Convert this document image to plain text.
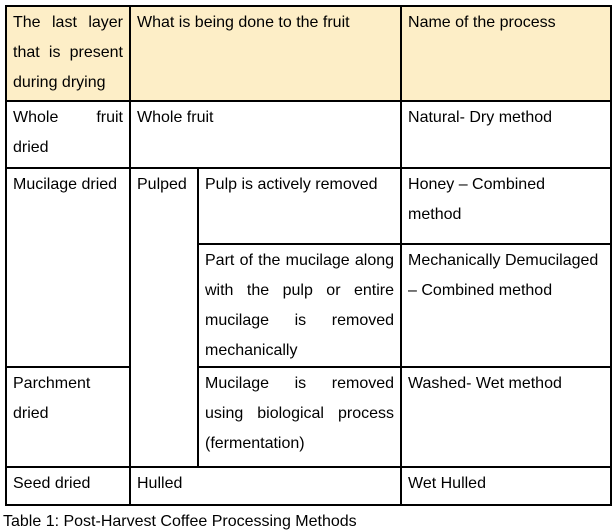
The last layer that is present during drying	What is being done to the fruit		Name of the process
Whole fruit dried	Whole fruit		Natural- Dry method
Mucilage dried	Pulped	Pulp is actively removed	Honey – Combined method
		Part of the mucilage along with the pulp or entire mucilage is removed mechanically	Mechanically Demucilaged – Combined method
Parchment dried		Mucilage is removed using biological process (fermentation)	Washed- Wet method
Seed dried	Hulled		Wet Hulled
Table 1: Post-Harvest Coffee Processing Methods
